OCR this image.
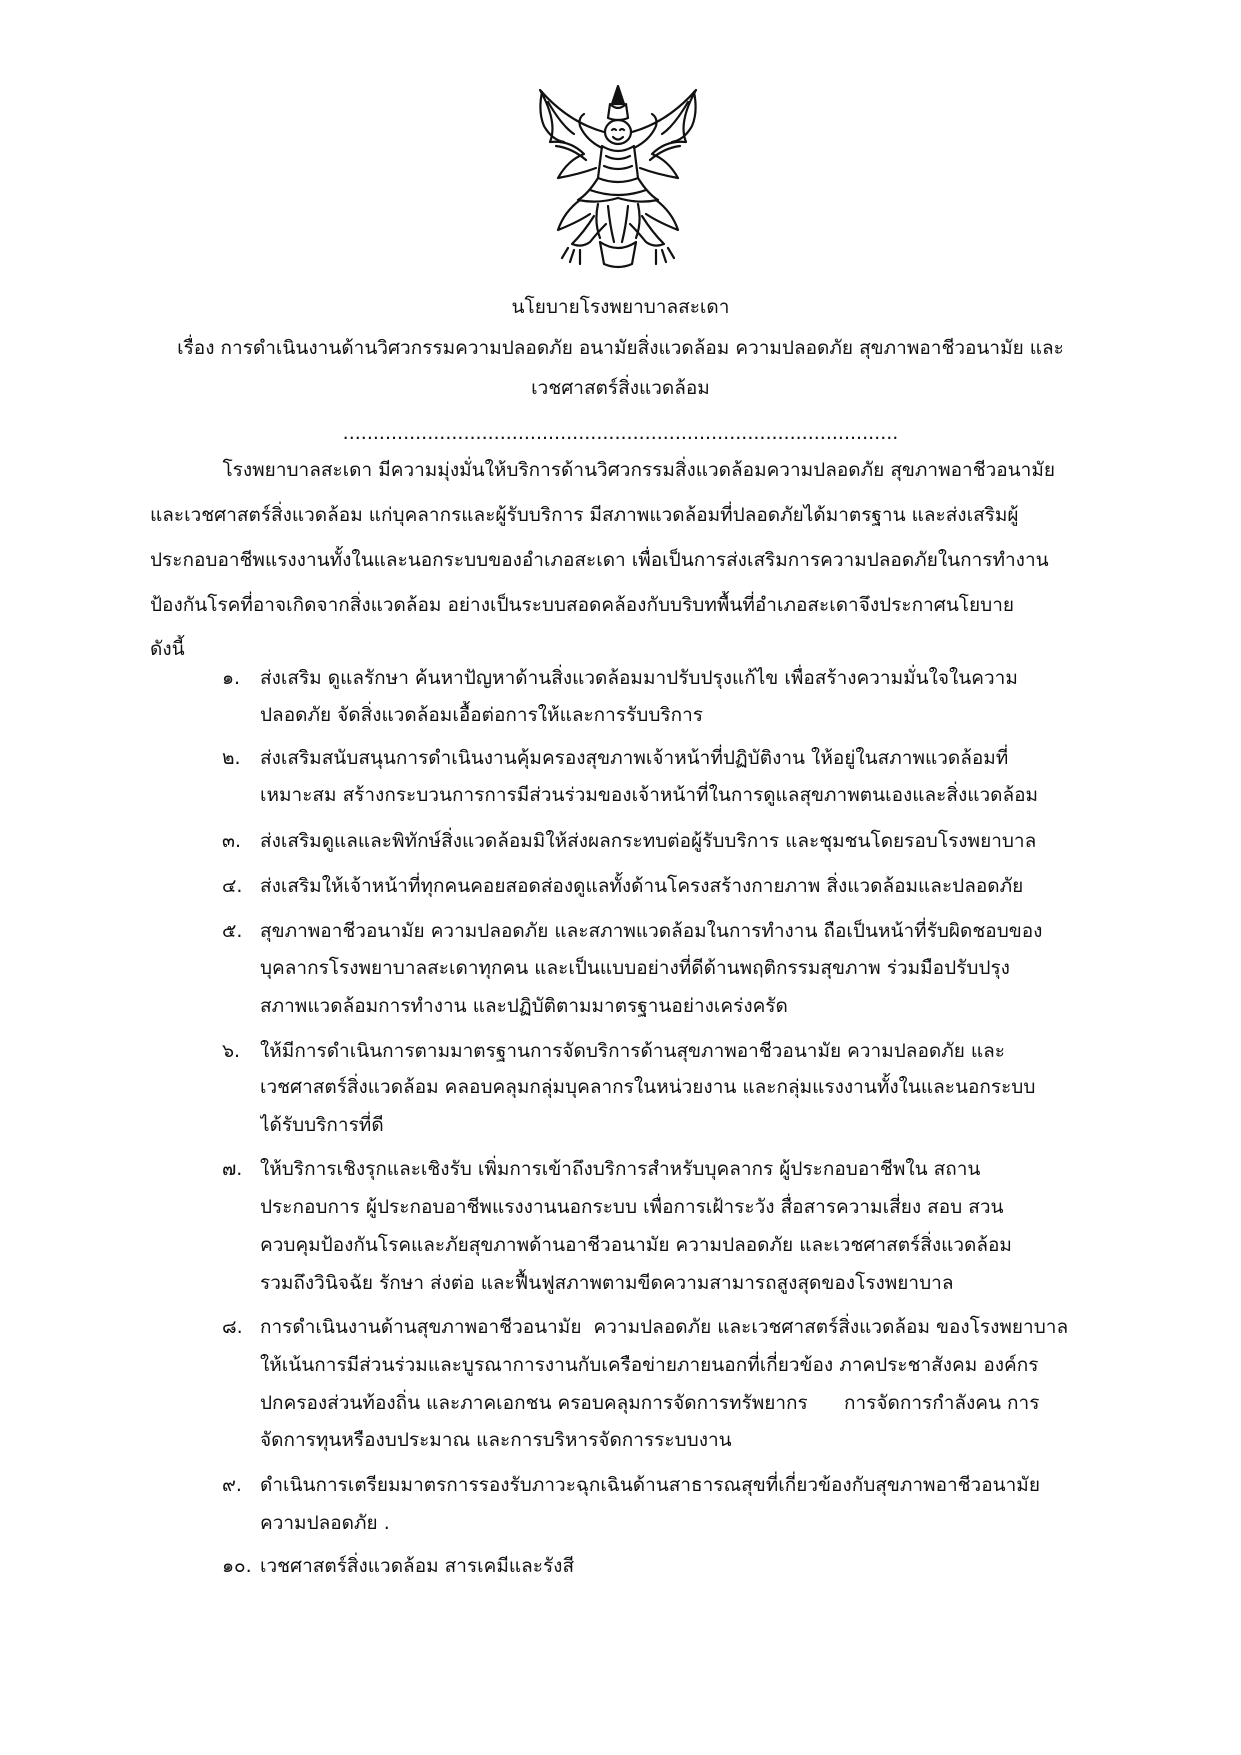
นโยบายโรงพยาบาลสะเดา
เรื่อง การดำเนินงานด้านวิศวกรรมความปลอดภัย อนามัยสิ่งแวดล้อม ความปลอดภัย สุขภาพอาชีวอนามัย และ
เวชศาสตร์สิ่งแวดล้อม
............................................................................................
โรงพยาบาลสะเดา มีความมุ่งมั่นให้บริการด้านวิศวกรรมสิ่งแวดล้อมความปลอดภัย สุขภาพอาชีวอนามัย
และเวชศาสตร์สิ่งแวดล้อม แก่บุคลากรและผู้รับบริการ มีสภาพแวดล้อมที่ปลอดภัยได้มาตรฐาน และส่งเสริมผู้
ประกอบอาชีพแรงงานทั้งในและนอกระบบของอำเภอสะเดา เพื่อเป็นการส่งเสริมการความปลอดภัยในการทำงาน
ป้องกันโรคที่อาจเกิดจากสิ่งแวดล้อม อย่างเป็นระบบสอดคล้องกับบริบทพื้นที่อำเภอสะเดาจึงประกาศนโยบาย
ดังนี้
๑. ส่งเสริม ดูแลรักษา ค้นหาปัญหาด้านสิ่งแวดล้อมมาปรับปรุงแก้ไข เพื่อสร้างความมั่นใจในความ
ปลอดภัย จัดสิ่งแวดล้อมเอื้อต่อการให้และการรับบริการ
๒. ส่งเสริมสนับสนุนการดำเนินงานคุ้มครองสุขภาพเจ้าหน้าที่ปฏิบัติงาน ให้อยู่ในสภาพแวดล้อมที่
เหมาะสม สร้างกระบวนการการมีส่วนร่วมของเจ้าหน้าที่ในการดูแลสุขภาพตนเองและสิ่งแวดล้อม
๓. ส่งเสริมดูแลและพิทักษ์สิ่งแวดล้อมมิให้ส่งผลกระทบต่อผู้รับบริการ และชุมชนโดยรอบโรงพยาบาล
๔. ส่งเสริมให้เจ้าหน้าที่ทุกคนคอยสอดส่องดูแลทั้งด้านโครงสร้างกายภาพ สิ่งแวดล้อมและปลอดภัย
๕. สุขภาพอาชีวอนามัย ความปลอดภัย และสภาพแวดล้อมในการทำงาน ถือเป็นหน้าที่รับผิดชอบของ
บุคลากรโรงพยาบาลสะเดาทุกคน และเป็นแบบอย่างที่ดีด้านพฤติกรรมสุขภาพ ร่วมมือปรับปรุง
สภาพแวดล้อมการทำงาน และปฏิบัติตามมาตรฐานอย่างเคร่งครัด
๖. ให้มีการดำเนินการตามมาตรฐานการจัดบริการด้านสุขภาพอาชีวอนามัย ความปลอดภัย และ
เวชศาสตร์สิ่งแวดล้อม คลอบคลุมกลุ่มบุคลากรในหน่วยงาน และกลุ่มแรงงานทั้งในและนอกระบบ
ได้รับบริการที่ดี
๗. ให้บริการเชิงรุกและเชิงรับ เพิ่มการเข้าถึงบริการสำหรับบุคลากร ผู้ประกอบอาชีพใน สถาน
ประกอบการ ผู้ประกอบอาชีพแรงงานนอกระบบ เพื่อการเฝ้าระวัง สื่อสารความเสี่ยง สอบ สวน
ควบคุมป้องกันโรคและภัยสุขภาพด้านอาชีวอนามัย ความปลอดภัย และเวชศาสตร์สิ่งแวดล้อม
รวมถึงวินิจฉัย รักษา ส่งต่อ และฟื้นฟูสภาพตามขีดความสามารถสูงสุดของโรงพยาบาล
๘. การดำเนินงานด้านสุขภาพอาชีวอนามัย  ความปลอดภัย และเวชศาสตร์สิ่งแวดล้อม ของโรงพยาบาล
ให้เน้นการมีส่วนร่วมและบูรณาการงานกับเครือข่ายภายนอกที่เกี่ยวข้อง ภาคประชาสังคม องค์กร
ปกครองส่วนท้องถิ่น และภาคเอกชน ครอบคลุมการจัดการทรัพยากร      การจัดการกำลังคน การ
จัดการทุนหรืองบประมาณ และการบริหารจัดการระบบงาน
๙. ดำเนินการเตรียมมาตรการรองรับภาวะฉุกเฉินด้านสาธารณสุขที่เกี่ยวข้องกับสุขภาพอาชีวอนามัย
ความปลอดภัย .
๑๐. เวชศาสตร์สิ่งแวดล้อม สารเคมีและรังสี
